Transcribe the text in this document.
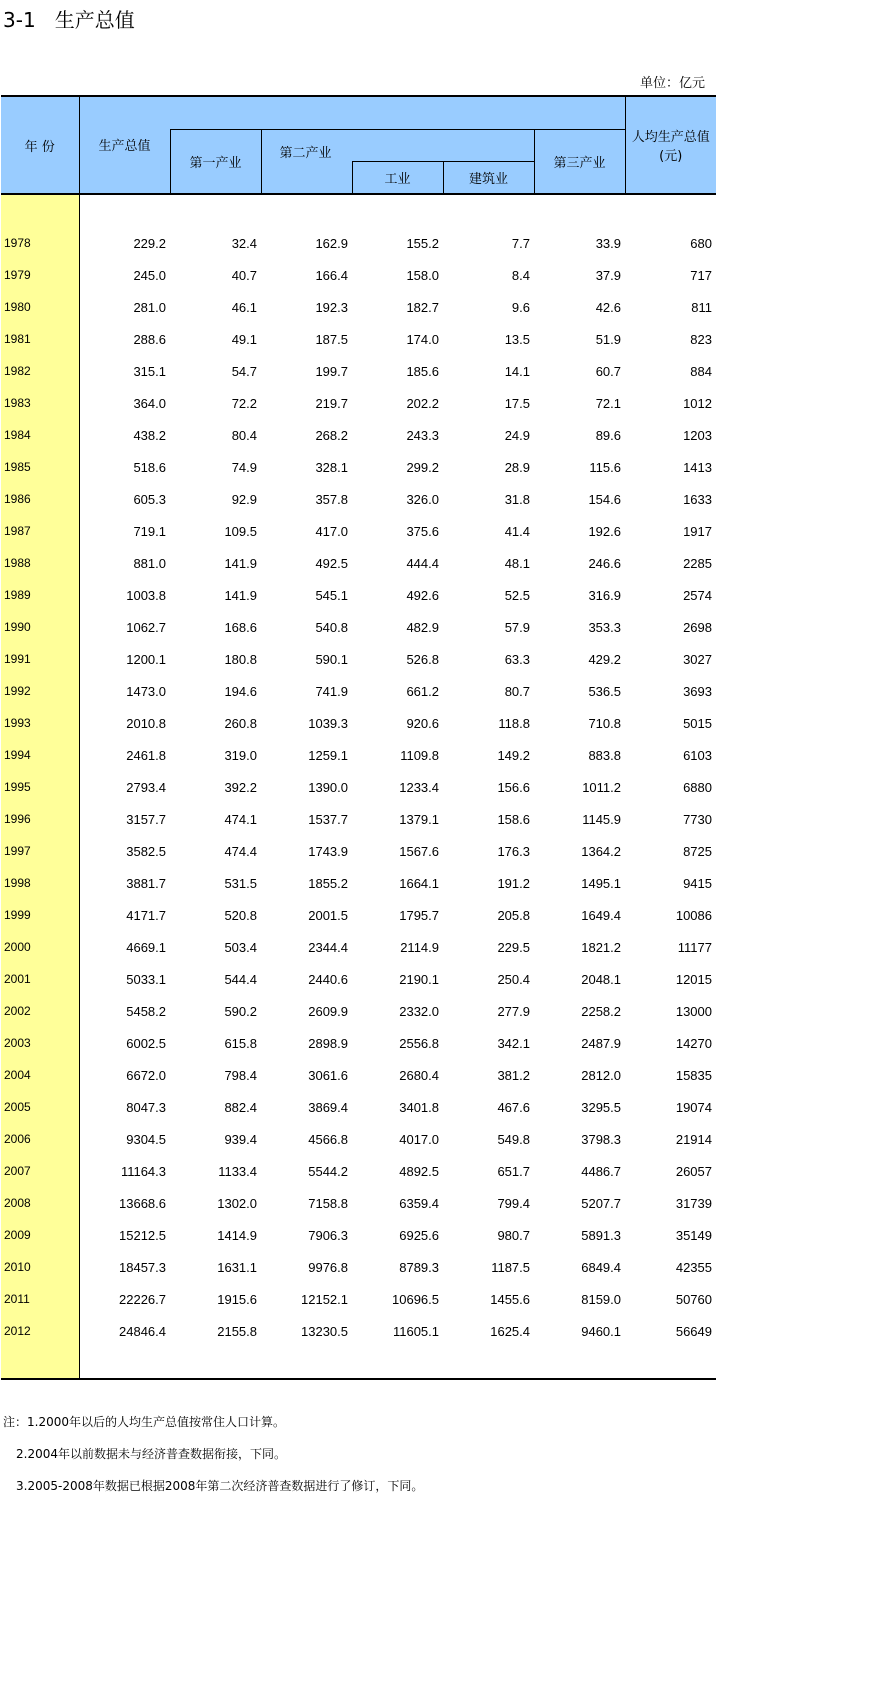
3-1   生产总值
单位：亿元
年 份	生产总值						人均生产总值
(元)

		第一产业	第二产业			第三产业	
				工业	建筑业		

1978	229.2	32.4	162.9	155.2	7.7	33.9	680
1979	245.0	40.7	166.4	158.0	8.4	37.9	717
1980	281.0	46.1	192.3	182.7	9.6	42.6	811
1981	288.6	49.1	187.5	174.0	13.5	51.9	823
1982	315.1	54.7	199.7	185.6	14.1	60.7	884
1983	364.0	72.2	219.7	202.2	17.5	72.1	1012
1984	438.2	80.4	268.2	243.3	24.9	89.6	1203
1985	518.6	74.9	328.1	299.2	28.9	115.6	1413
1986	605.3	92.9	357.8	326.0	31.8	154.6	1633
1987	719.1	109.5	417.0	375.6	41.4	192.6	1917
1988	881.0	141.9	492.5	444.4	48.1	246.6	2285
1989	1003.8	141.9	545.1	492.6	52.5	316.9	2574
1990	1062.7	168.6	540.8	482.9	57.9	353.3	2698
1991	1200.1	180.8	590.1	526.8	63.3	429.2	3027
1992	1473.0	194.6	741.9	661.2	80.7	536.5	3693
1993	2010.8	260.8	1039.3	920.6	118.8	710.8	5015
1994	2461.8	319.0	1259.1	1109.8	149.2	883.8	6103
1995	2793.4	392.2	1390.0	1233.4	156.6	1011.2	6880
1996	3157.7	474.1	1537.7	1379.1	158.6	1145.9	7730
1997	3582.5	474.4	1743.9	1567.6	176.3	1364.2	8725
1998	3881.7	531.5	1855.2	1664.1	191.2	1495.1	9415
1999	4171.7	520.8	2001.5	1795.7	205.8	1649.4	10086
2000	4669.1	503.4	2344.4	2114.9	229.5	1821.2	11177
2001	5033.1	544.4	2440.6	2190.1	250.4	2048.1	12015
2002	5458.2	590.2	2609.9	2332.0	277.9	2258.2	13000
2003	6002.5	615.8	2898.9	2556.8	342.1	2487.9	14270
2004	6672.0	798.4	3061.6	2680.4	381.2	2812.0	15835
2005	8047.3	882.4	3869.4	3401.8	467.6	3295.5	19074
2006	9304.5	939.4	4566.8	4017.0	549.8	3798.3	21914
2007	11164.3	1133.4	5544.2	4892.5	651.7	4486.7	26057
2008	13668.6	1302.0	7158.8	6359.4	799.4	5207.7	31739
2009	15212.5	1414.9	7906.3	6925.6	980.7	5891.3	35149
2010	18457.3	1631.1	9976.8	8789.3	1187.5	6849.4	42355
2011	22226.7	1915.6	12152.1	10696.5	1455.6	8159.0	50760
2012	24846.4	2155.8	13230.5	11605.1	1625.4	9460.1	56649

注：1.2000年以后的人均生产总值按常住人口计算。
2.2004年以前数据未与经济普查数据衔接，下同。
3.2005-2008年数据已根据2008年第二次经济普查数据进行了修订，下同。
